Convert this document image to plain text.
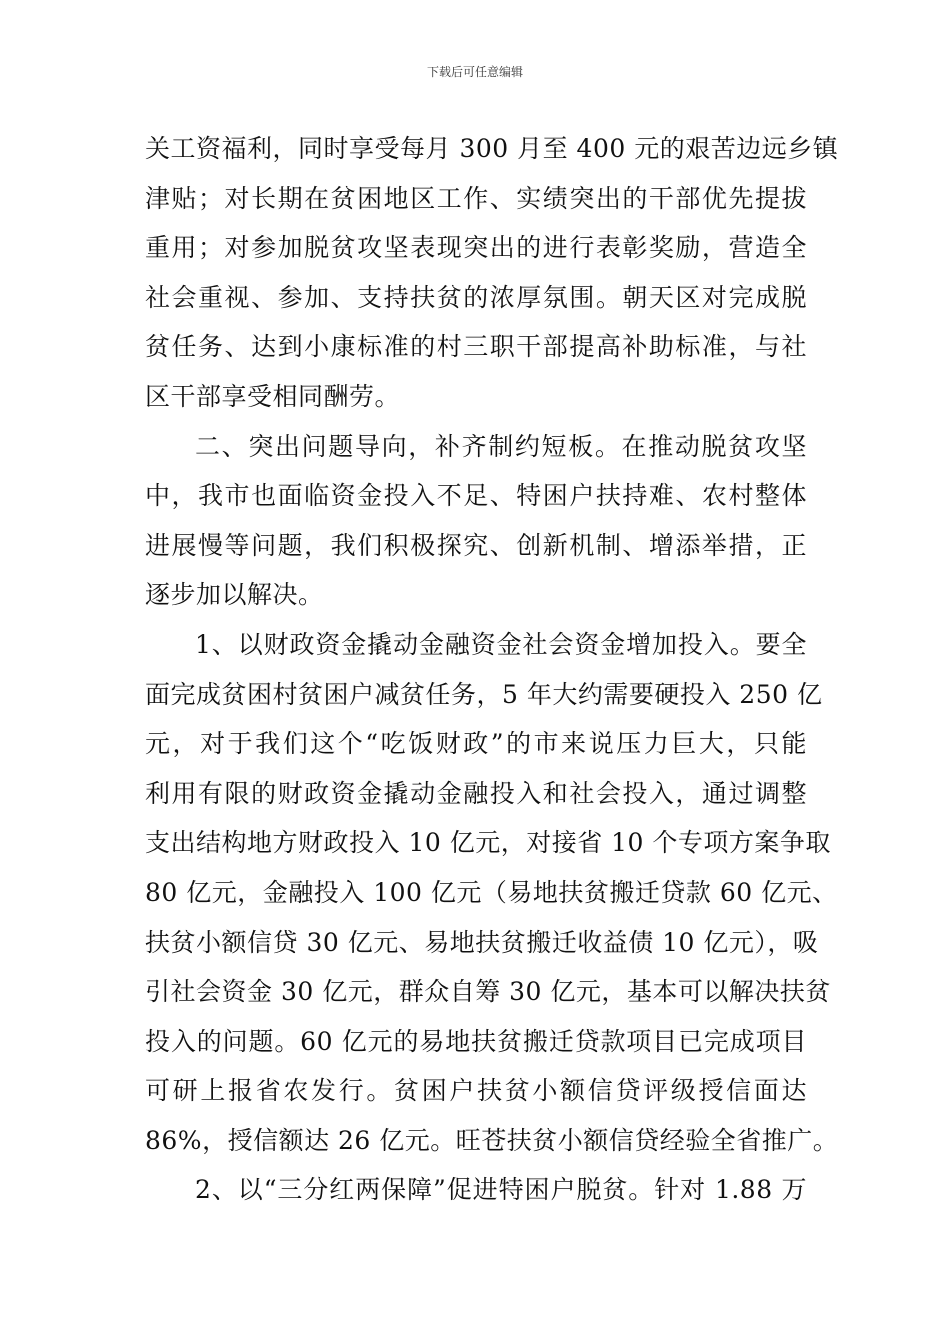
下载后可任意编辑
关工资福利，同时享受每月 300 月至 400 元的艰苦边远乡镇
津贴；对长期在贫困地区工作、实绩突出的干部优先提拔
重用；对参加脱贫攻坚表现突出的进行表彰奖励，营造全
社会重视、参加、支持扶贫的浓厚氛围。朝天区对完成脱
贫任务、达到小康标准的村三职干部提高补助标准，与社
区干部享受相同酬劳。
二、突出问题导向，补齐制约短板。在推动脱贫攻坚
中，我市也面临资金投入不足、特困户扶持难、农村整体
进展慢等问题，我们积极探究、创新机制、增添举措，正
逐步加以解决。
1、以财政资金撬动金融资金社会资金增加投入。要全
面完成贫困村贫困户减贫任务，5 年大约需要硬投入 250 亿
元，对于我们这个“吃饭财政”的市来说压力巨大，只能
利用有限的财政资金撬动金融投入和社会投入，通过调整
支出结构地方财政投入 10 亿元，对接省 10 个专项方案争取
80 亿元，金融投入 100 亿元（易地扶贫搬迁贷款 60 亿元、
扶贫小额信贷 30 亿元、易地扶贫搬迁收益债 10 亿元），吸
引社会资金 30 亿元，群众自筹 30 亿元，基本可以解决扶贫
投入的问题。60 亿元的易地扶贫搬迁贷款项目已完成项目
可研上报省农发行。贫困户扶贫小额信贷评级授信面达
86%，授信额达 26 亿元。旺苍扶贫小额信贷经验全省推广。
2、以“三分红两保障”促进特困户脱贫。针对 1.88 万
